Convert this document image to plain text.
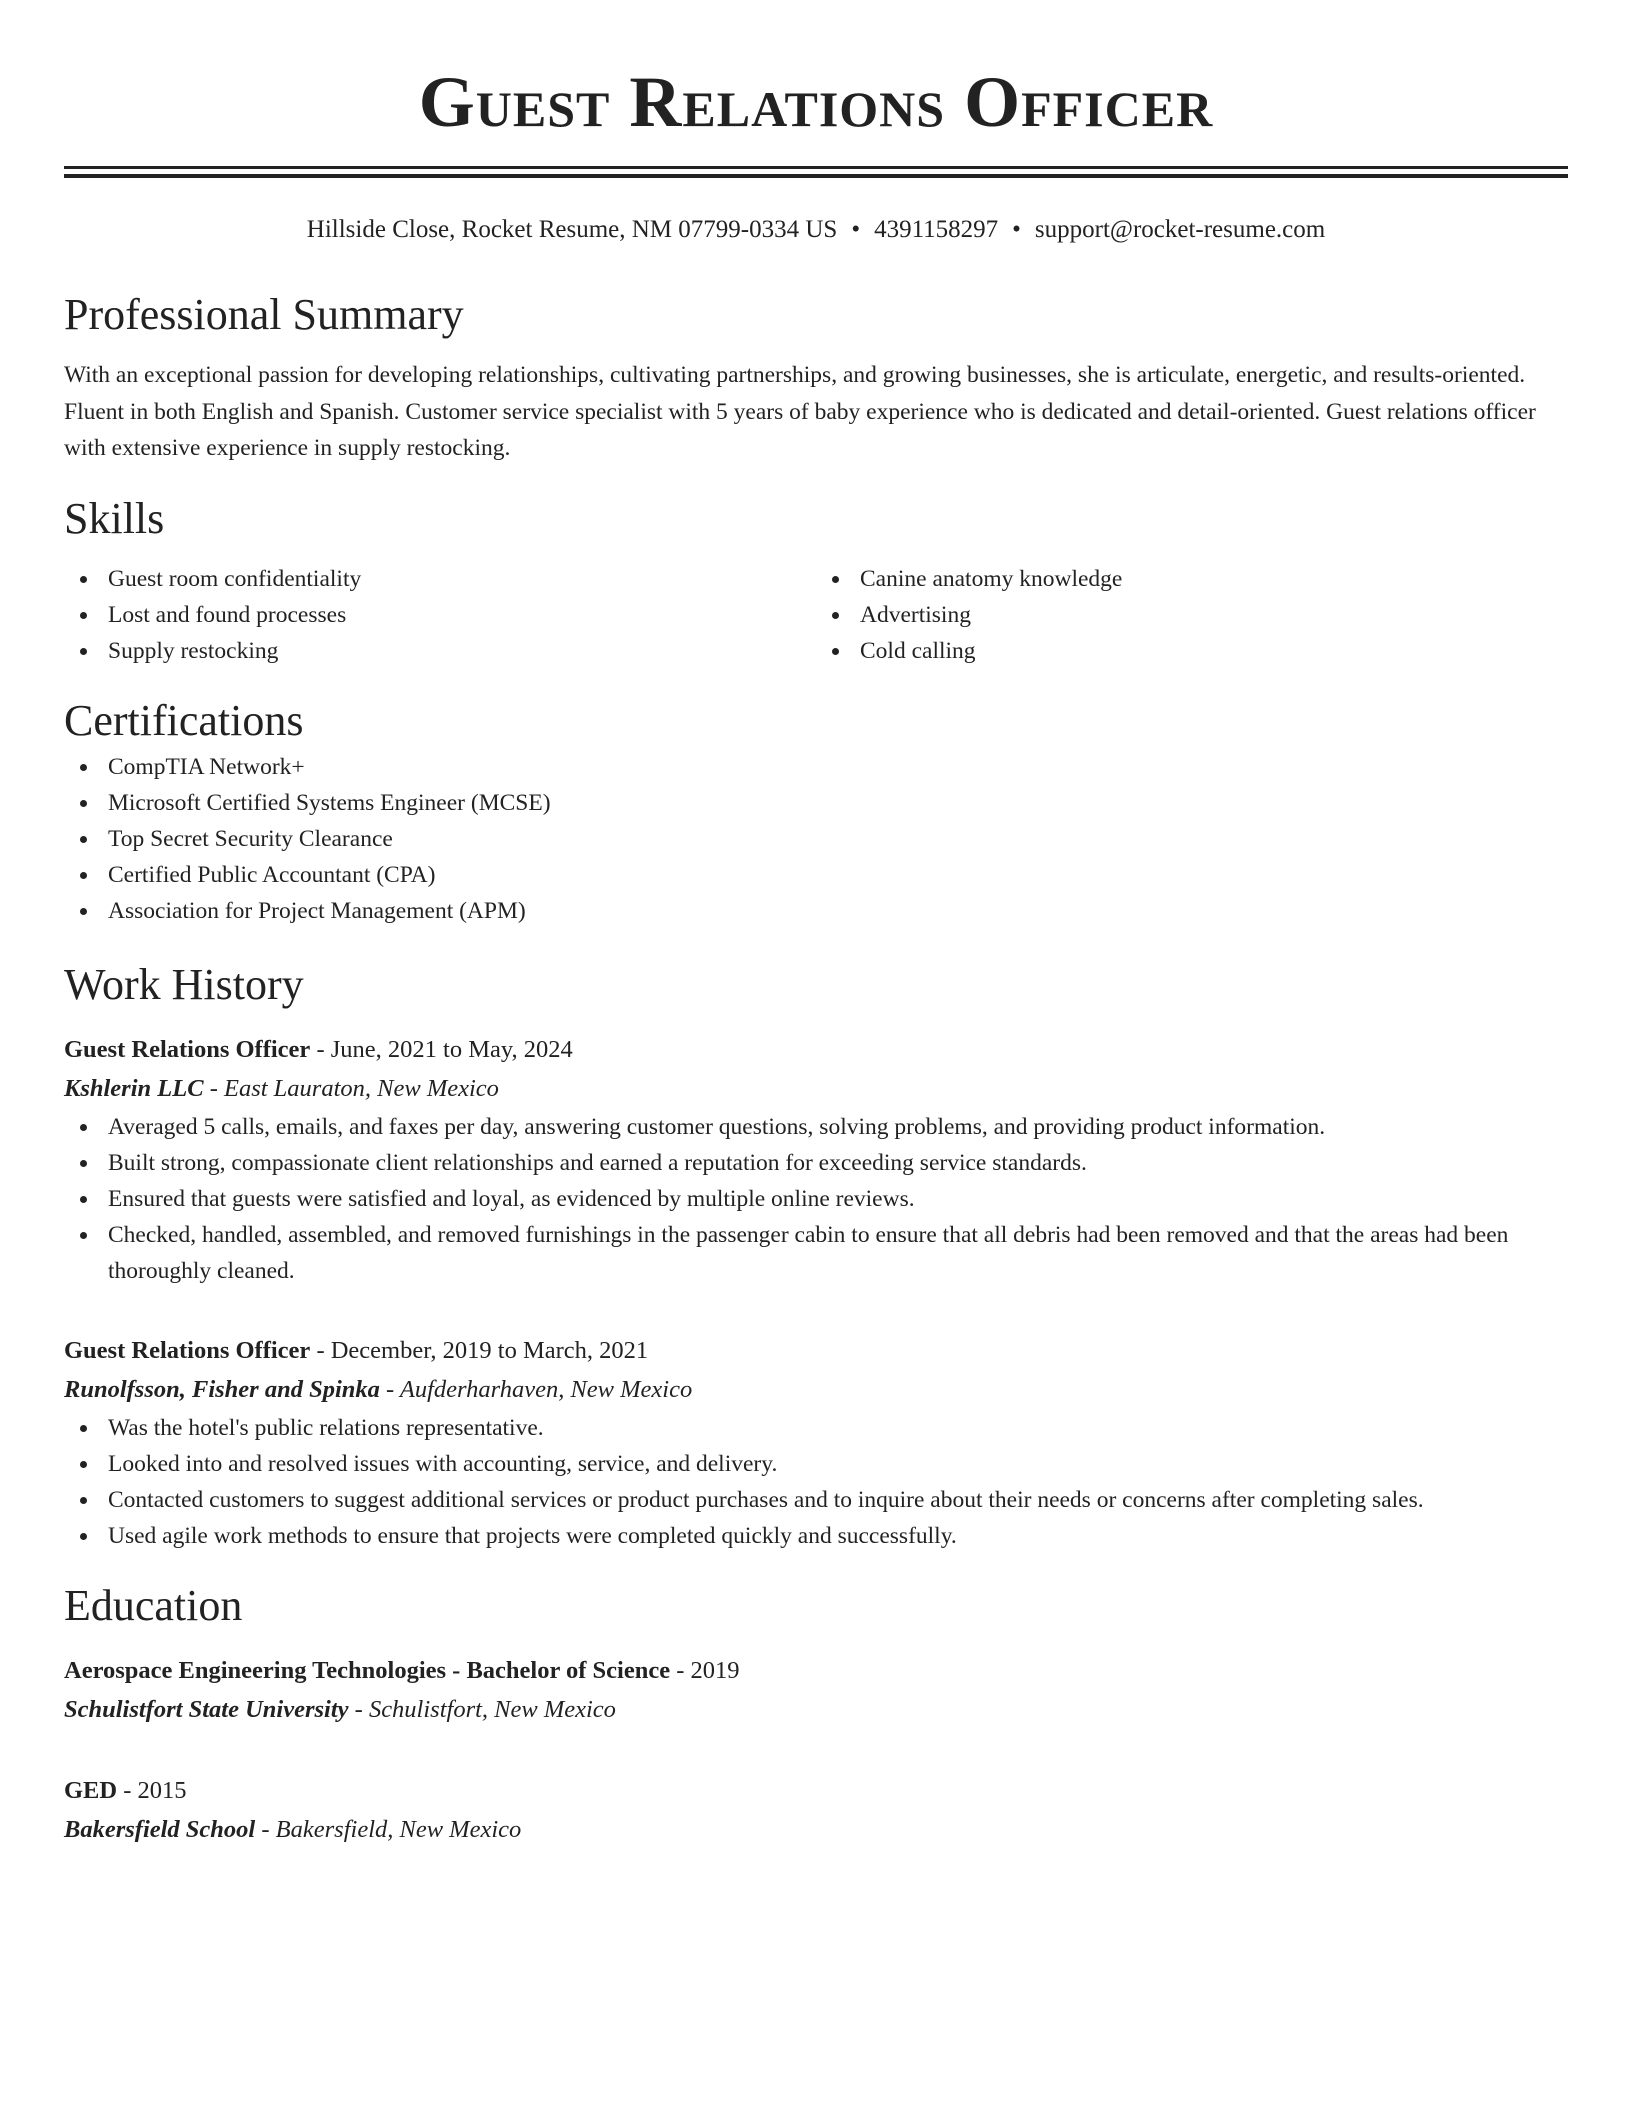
Guest Relations Officer
Hillside Close, Rocket Resume, NM 07799-0334 US • 4391158297 • support@rocket-resume.com
Professional Summary
With an exceptional passion for developing relationships, cultivating partnerships, and growing businesses, she is articulate, energetic, and results-oriented. Fluent in both English and Spanish. Customer service specialist with 5 years of baby experience who is dedicated and detail-oriented. Guest relations officer with extensive experience in supply restocking.
Skills
Guest room confidentiality
Lost and found processes
Supply restocking
Canine anatomy knowledge
Advertising
Cold calling
Certifications
CompTIA Network+
Microsoft Certified Systems Engineer (MCSE)
Top Secret Security Clearance
Certified Public Accountant (CPA)
Association for Project Management (APM)
Work History
Guest Relations Officer - June, 2021 to May, 2024
Kshlerin LLC - East Lauraton, New Mexico
Averaged 5 calls, emails, and faxes per day, answering customer questions, solving problems, and providing product information.
Built strong, compassionate client relationships and earned a reputation for exceeding service standards.
Ensured that guests were satisfied and loyal, as evidenced by multiple online reviews.
Checked, handled, assembled, and removed furnishings in the passenger cabin to ensure that all debris had been removed and that the areas had been thoroughly cleaned.
Guest Relations Officer - December, 2019 to March, 2021
Runolfsson, Fisher and Spinka - Aufderharhaven, New Mexico
Was the hotel's public relations representative.
Looked into and resolved issues with accounting, service, and delivery.
Contacted customers to suggest additional services or product purchases and to inquire about their needs or concerns after completing sales.
Used agile work methods to ensure that projects were completed quickly and successfully.
Education
Aerospace Engineering Technologies - Bachelor of Science - 2019
Schulistfort State University - Schulistfort, New Mexico
GED - 2015
Bakersfield School - Bakersfield, New Mexico
